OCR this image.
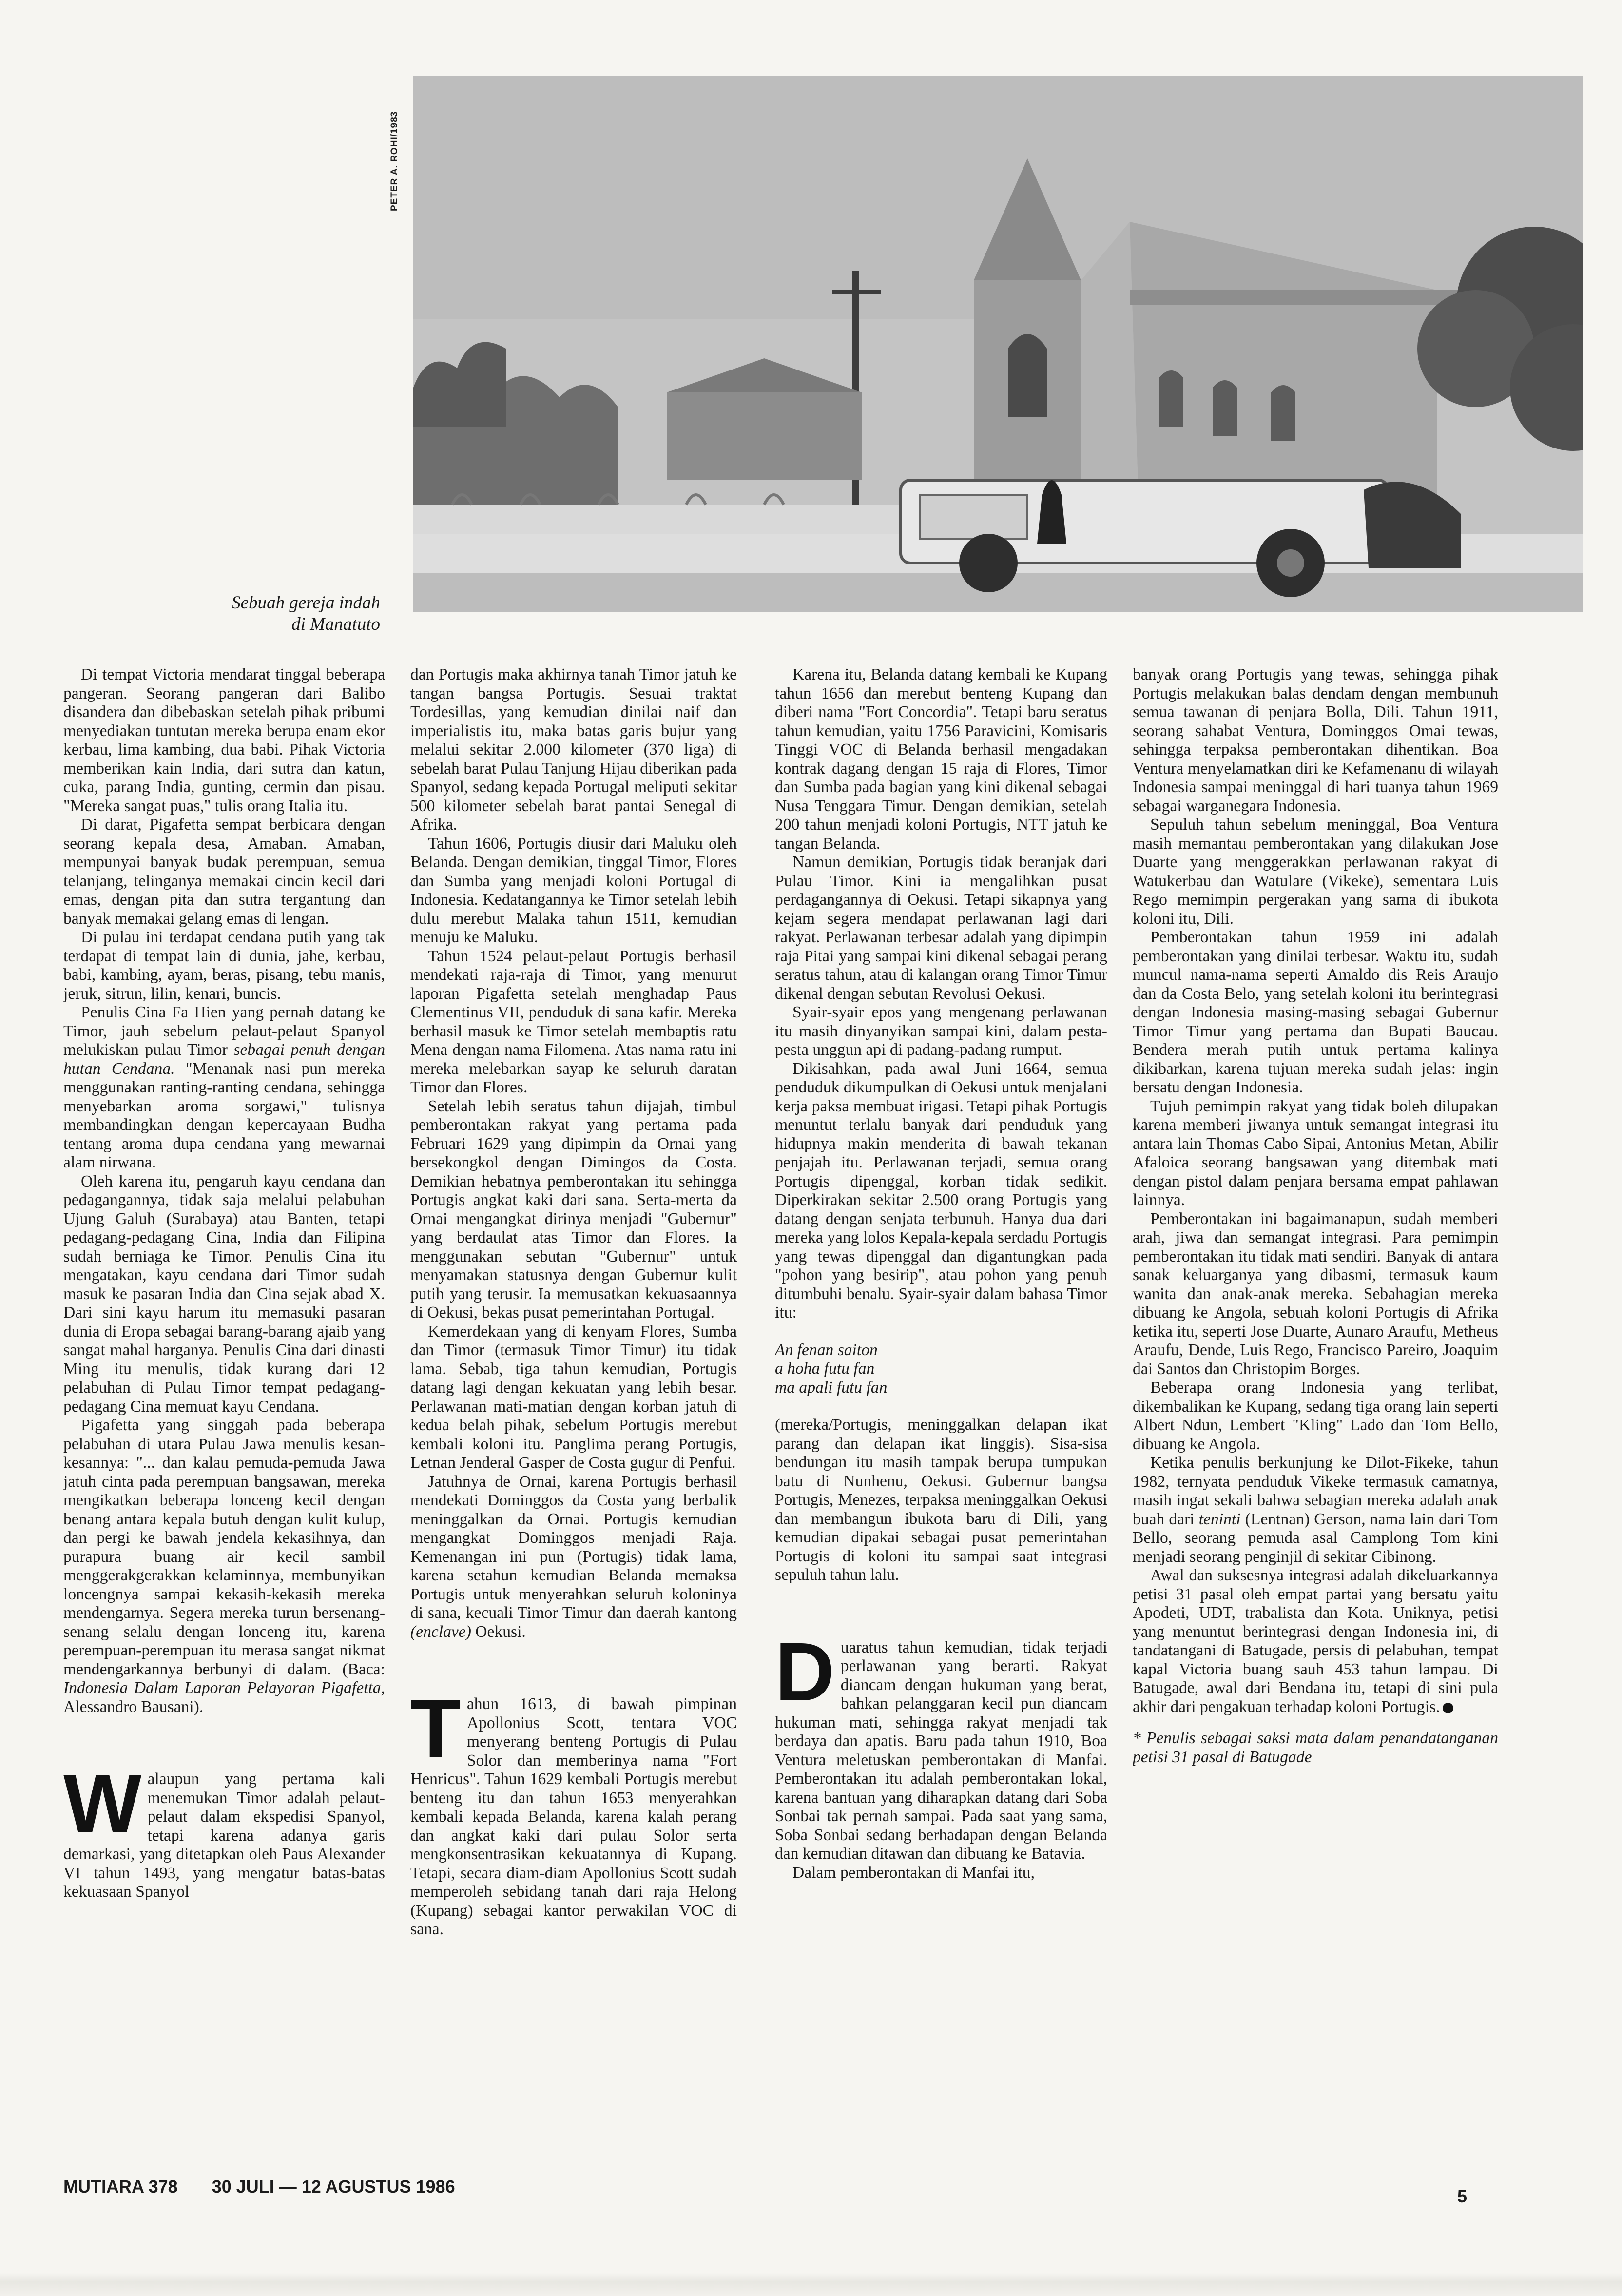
PETER A. ROHI/1983
Sebuah gereja indah
di Manatuto

Di tempat Victoria mendarat tinggal beberapa pangeran. Seorang pangeran dari Balibo disandera dan dibebaskan setelah pihak pribumi menyediakan tuntutan mereka berupa enam ekor kerbau, lima kambing, dua babi. Pihak Victoria memberikan kain India, dari sutra dan katun, cuka, parang India, gunting, cermin dan pisau. "Mereka sangat puas," tulis orang Italia itu.

Di darat, Pigafetta sempat berbicara dengan seorang kepala desa, Amaban. Amaban, mempunyai banyak budak perempuan, semua telanjang, telinganya memakai cincin kecil dari emas, dengan pita dan sutra tergantung dan banyak memakai gelang emas di lengan.

Di pulau ini terdapat cendana putih yang tak terdapat di tempat lain di dunia, jahe, kerbau, babi, kambing, ayam, beras, pisang, tebu manis, jeruk, sitrun, lilin, kenari, buncis.

Penulis Cina Fa Hien yang pernah datang ke Timor, jauh sebelum pelaut-pelaut Spanyol melukiskan pulau Timor sebagai penuh dengan hutan Cendana. "Menanak nasi pun mereka menggunakan ranting-ranting cendana, sehingga menyebarkan aroma sorgawi," tulisnya membandingkan dengan kepercayaan Budha tentang aroma dupa cendana yang mewarnai alam nirwana.

Oleh karena itu, pengaruh kayu cendana dan pedagangannya, tidak saja melalui pelabuhan Ujung Galuh (Surabaya) atau Banten, tetapi pedagang-pedagang Cina, India dan Filipina sudah berniaga ke Timor. Penulis Cina itu mengatakan, kayu cendana dari Timor sudah masuk ke pasaran India dan Cina sejak abad X. Dari sini kayu harum itu memasuki pasaran dunia di Eropa sebagai barang-barang ajaib yang sangat mahal harganya. Penulis Cina dari dinasti Ming itu menulis, tidak kurang dari 12 pelabuhan di Pulau Timor tempat pedagang-pedagang Cina memuat kayu Cendana.

Pigafetta yang singgah pada beberapa pelabuhan di utara Pulau Jawa menulis kesan-kesannya: "... dan kalau pemuda-pemuda Jawa jatuh cinta pada perempuan bangsawan, mereka mengikatkan beberapa lonceng kecil dengan benang antara kepala butuh dengan kulit kulup, dan pergi ke bawah jendela kekasihnya, dan purapura buang air kecil sambil menggerakgerakkan kelaminnya, membunyikan loncengnya sampai kekasih-kekasih mereka mendengarnya. Segera mereka turun bersenang-senang selalu dengan lonceng itu, karena perempuan-perempuan itu merasa sangat nikmat mendengarkannya berbunyi di dalam. (Baca: Indonesia Dalam Laporan Pelayaran Pigafetta, Alessandro Bausani).

Walaupun yang pertama kali menemukan Timor adalah pelaut-pelaut dalam ekspedisi Spanyol, tetapi karena adanya garis demarkasi, yang ditetapkan oleh Paus Alexander VI tahun 1493, yang mengatur batas-batas kekuasaan Spanyol

dan Portugis maka akhirnya tanah Timor jatuh ke tangan bangsa Portugis. Sesuai traktat Tordesillas, yang kemudian dinilai naif dan imperialistis itu, maka batas garis bujur yang melalui sekitar 2.000 kilometer (370 liga) di sebelah barat Pulau Tanjung Hijau diberikan pada Spanyol, sedang kepada Portugal meliputi sekitar 500 kilometer sebelah barat pantai Senegal di Afrika.

Tahun 1606, Portugis diusir dari Maluku oleh Belanda. Dengan demikian, tinggal Timor, Flores dan Sumba yang menjadi koloni Portugal di Indonesia. Kedatangannya ke Timor setelah lebih dulu merebut Malaka tahun 1511, kemudian menuju ke Maluku.

Tahun 1524 pelaut-pelaut Portugis berhasil mendekati raja-raja di Timor, yang menurut laporan Pigafetta setelah menghadap Paus Clementinus VII, penduduk di sana kafir. Mereka berhasil masuk ke Timor setelah membaptis ratu Mena dengan nama Filomena. Atas nama ratu ini mereka melebarkan sayap ke seluruh daratan Timor dan Flores.

Setelah lebih seratus tahun dijajah, timbul pemberontakan rakyat yang pertama pada Februari 1629 yang dipimpin da Ornai yang bersekongkol dengan Dimingos da Costa. Demikian hebatnya pemberontakan itu sehingga Portugis angkat kaki dari sana. Serta-merta da Ornai mengangkat dirinya menjadi "Gubernur" yang berdaulat atas Timor dan Flores. Ia menggunakan sebutan "Gubernur" untuk menyamakan statusnya dengan Gubernur kulit putih yang terusir. Ia memusatkan kekuasaannya di Oekusi, bekas pusat pemerintahan Portugal.

Kemerdekaan yang di kenyam Flores, Sumba dan Timor (termasuk Timor Timur) itu tidak lama. Sebab, tiga tahun kemudian, Portugis datang lagi dengan kekuatan yang lebih besar. Perlawanan mati-matian dengan korban jatuh di kedua belah pihak, sebelum Portugis merebut kembali koloni itu. Panglima perang Portugis, Letnan Jenderal Gasper de Costa gugur di Penfui.

Jatuhnya de Ornai, karena Portugis berhasil mendekati Dominggos da Costa yang berbalik meninggalkan da Ornai. Portugis kemudian mengangkat Dominggos menjadi Raja. Kemenangan ini pun (Portugis) tidak lama, karena setahun kemudian Belanda memaksa Portugis untuk menyerahkan seluruh koloninya di sana, kecuali Timor Timur dan daerah kantong (enclave) Oekusi.

Tahun 1613, di bawah pimpinan Apollonius Scott, tentara VOC menyerang benteng Portugis di Pulau Solor dan memberinya nama "Fort Henricus". Tahun 1629 kembali Portugis merebut benteng itu dan tahun 1653 menyerahkan kembali kepada Belanda, karena kalah perang dan angkat kaki dari pulau Solor serta mengkonsentrasikan kekuatannya di Kupang. Tetapi, secara diam-diam Apollonius Scott sudah memperoleh sebidang tanah dari raja Helong (Kupang) sebagai kantor perwakilan VOC di sana.

Karena itu, Belanda datang kembali ke Kupang tahun 1656 dan merebut benteng Kupang dan diberi nama "Fort Concordia". Tetapi baru seratus tahun kemudian, yaitu 1756 Paravicini, Komisaris Tinggi VOC di Belanda berhasil mengadakan kontrak dagang dengan 15 raja di Flores, Timor dan Sumba pada bagian yang kini dikenal sebagai Nusa Tenggara Timur. Dengan demikian, setelah 200 tahun menjadi koloni Portugis, NTT jatuh ke tangan Belanda.

Namun demikian, Portugis tidak beranjak dari Pulau Timor. Kini ia mengalihkan pusat perdagangannya di Oekusi. Tetapi sikapnya yang kejam segera mendapat perlawanan lagi dari rakyat. Perlawanan terbesar adalah yang dipimpin raja Pitai yang sampai kini dikenal sebagai perang seratus tahun, atau di kalangan orang Timor Timur dikenal dengan sebutan Revolusi Oekusi.

Syair-syair epos yang mengenang perlawanan itu masih dinyanyikan sampai kini, dalam pesta-pesta unggun api di padang-padang rumput.

Dikisahkan, pada awal Juni 1664, semua penduduk dikumpulkan di Oekusi untuk menjalani kerja paksa membuat irigasi. Tetapi pihak Portugis menuntut terlalu banyak dari penduduk yang hidupnya makin menderita di bawah tekanan penjajah itu. Perlawanan terjadi, semua orang Portugis dipenggal, korban tidak sedikit. Diperkirakan sekitar 2.500 orang Portugis yang datang dengan senjata terbunuh. Hanya dua dari mereka yang lolos Kepala-kepala serdadu Portugis yang tewas dipenggal dan digantungkan pada "pohon yang besirip", atau pohon yang penuh ditumbuhi benalu. Syair-syair dalam bahasa Timor itu:

An fenan saiton
a hoha futu fan
ma apali futu fan

(mereka/Portugis, meninggalkan delapan ikat parang dan delapan ikat linggis). Sisa-sisa bendungan itu masih tampak berupa tumpukan batu di Nunhenu, Oekusi. Gubernur bangsa Portugis, Menezes, terpaksa meninggalkan Oekusi dan membangun ibukota baru di Dili, yang kemudian dipakai sebagai pusat pemerintahan Portugis di koloni itu sampai saat integrasi sepuluh tahun lalu.

Duaratus tahun kemudian, tidak terjadi perlawanan yang berarti. Rakyat diancam dengan hukuman yang berat, bahkan pelanggaran kecil pun diancam hukuman mati, sehingga rakyat menjadi tak berdaya dan apatis. Baru pada tahun 1910, Boa Ventura meletuskan pemberontakan di Manfai. Pemberontakan itu adalah pemberontakan lokal, karena bantuan yang diharapkan datang dari Soba Sonbai tak pernah sampai. Pada saat yang sama, Soba Sonbai sedang berhadapan dengan Belanda dan kemudian ditawan dan dibuang ke Batavia.

Dalam pemberontakan di Manfai itu,

banyak orang Portugis yang tewas, sehingga pihak Portugis melakukan balas dendam dengan membunuh semua tawanan di penjara Bolla, Dili. Tahun 1911, seorang sahabat Ventura, Dominggos Omai tewas, sehingga terpaksa pemberontakan dihentikan. Boa Ventura menyelamatkan diri ke Kefamenanu di wilayah Indonesia sampai meninggal di hari tuanya tahun 1969 sebagai warganegara Indonesia.

Sepuluh tahun sebelum meninggal, Boa Ventura masih memantau pemberontakan yang dilakukan Jose Duarte yang menggerakkan perlawanan rakyat di Watukerbau dan Watulare (Vikeke), sementara Luis Rego memimpin pergerakan yang sama di ibukota koloni itu, Dili.

Pemberontakan tahun 1959 ini adalah pemberontakan yang dinilai terbesar. Waktu itu, sudah muncul nama-nama seperti Amaldo dis Reis Araujo dan da Costa Belo, yang setelah koloni itu berintegrasi dengan Indonesia masing-masing sebagai Gubernur Timor Timur yang pertama dan Bupati Baucau. Bendera merah putih untuk pertama kalinya dikibarkan, karena tujuan mereka sudah jelas: ingin bersatu dengan Indonesia.

Tujuh pemimpin rakyat yang tidak boleh dilupakan karena memberi jiwanya untuk semangat integrasi itu antara lain Thomas Cabo Sipai, Antonius Metan, Abilir Afaloica seorang bangsawan yang ditembak mati dengan pistol dalam penjara bersama empat pahlawan lainnya.

Pemberontakan ini bagaimanapun, sudah memberi arah, jiwa dan semangat integrasi. Para pemimpin pemberontakan itu tidak mati sendiri. Banyak di antara sanak keluarganya yang dibasmi, termasuk kaum wanita dan anak-anak mereka. Sebahagian mereka dibuang ke Angola, sebuah koloni Portugis di Afrika ketika itu, seperti Jose Duarte, Aunaro Araufu, Metheus Araufu, Dende, Luis Rego, Francisco Pareiro, Joaquim dai Santos dan Christopim Borges.

Beberapa orang Indonesia yang terlibat, dikembalikan ke Kupang, sedang tiga orang lain seperti Albert Ndun, Lembert "Kling" Lado dan Tom Bello, dibuang ke Angola.

Ketika penulis berkunjung ke Dilot-Fikeke, tahun 1982, ternyata penduduk Vikeke termasuk camatnya, masih ingat sekali bahwa sebagian mereka adalah anak buah dari teninti (Lentnan) Gerson, nama lain dari Tom Bello, seorang pemuda asal Camplong Tom kini menjadi seorang penginjil di sekitar Cibinong.

Awal dan suksesnya integrasi adalah dikeluarkannya petisi 31 pasal oleh empat partai yang bersatu yaitu Apodeti, UDT, trabalista dan Kota. Uniknya, petisi yang menuntut berintegrasi dengan Indonesia ini, di tandatangani di Batugade, persis di pelabuhan, tempat kapal Victoria buang sauh 453 tahun lampau. Di Batugade, awal dari Bendana itu, tetapi di sini pula akhir dari pengakuan terhadap koloni Portugis.

* Penulis sebagai saksi mata dalam penandatanganan petisi 31 pasal di Batugade

MUTIARA 378 30 JULI — 12 AGUSTUS 1986	5
